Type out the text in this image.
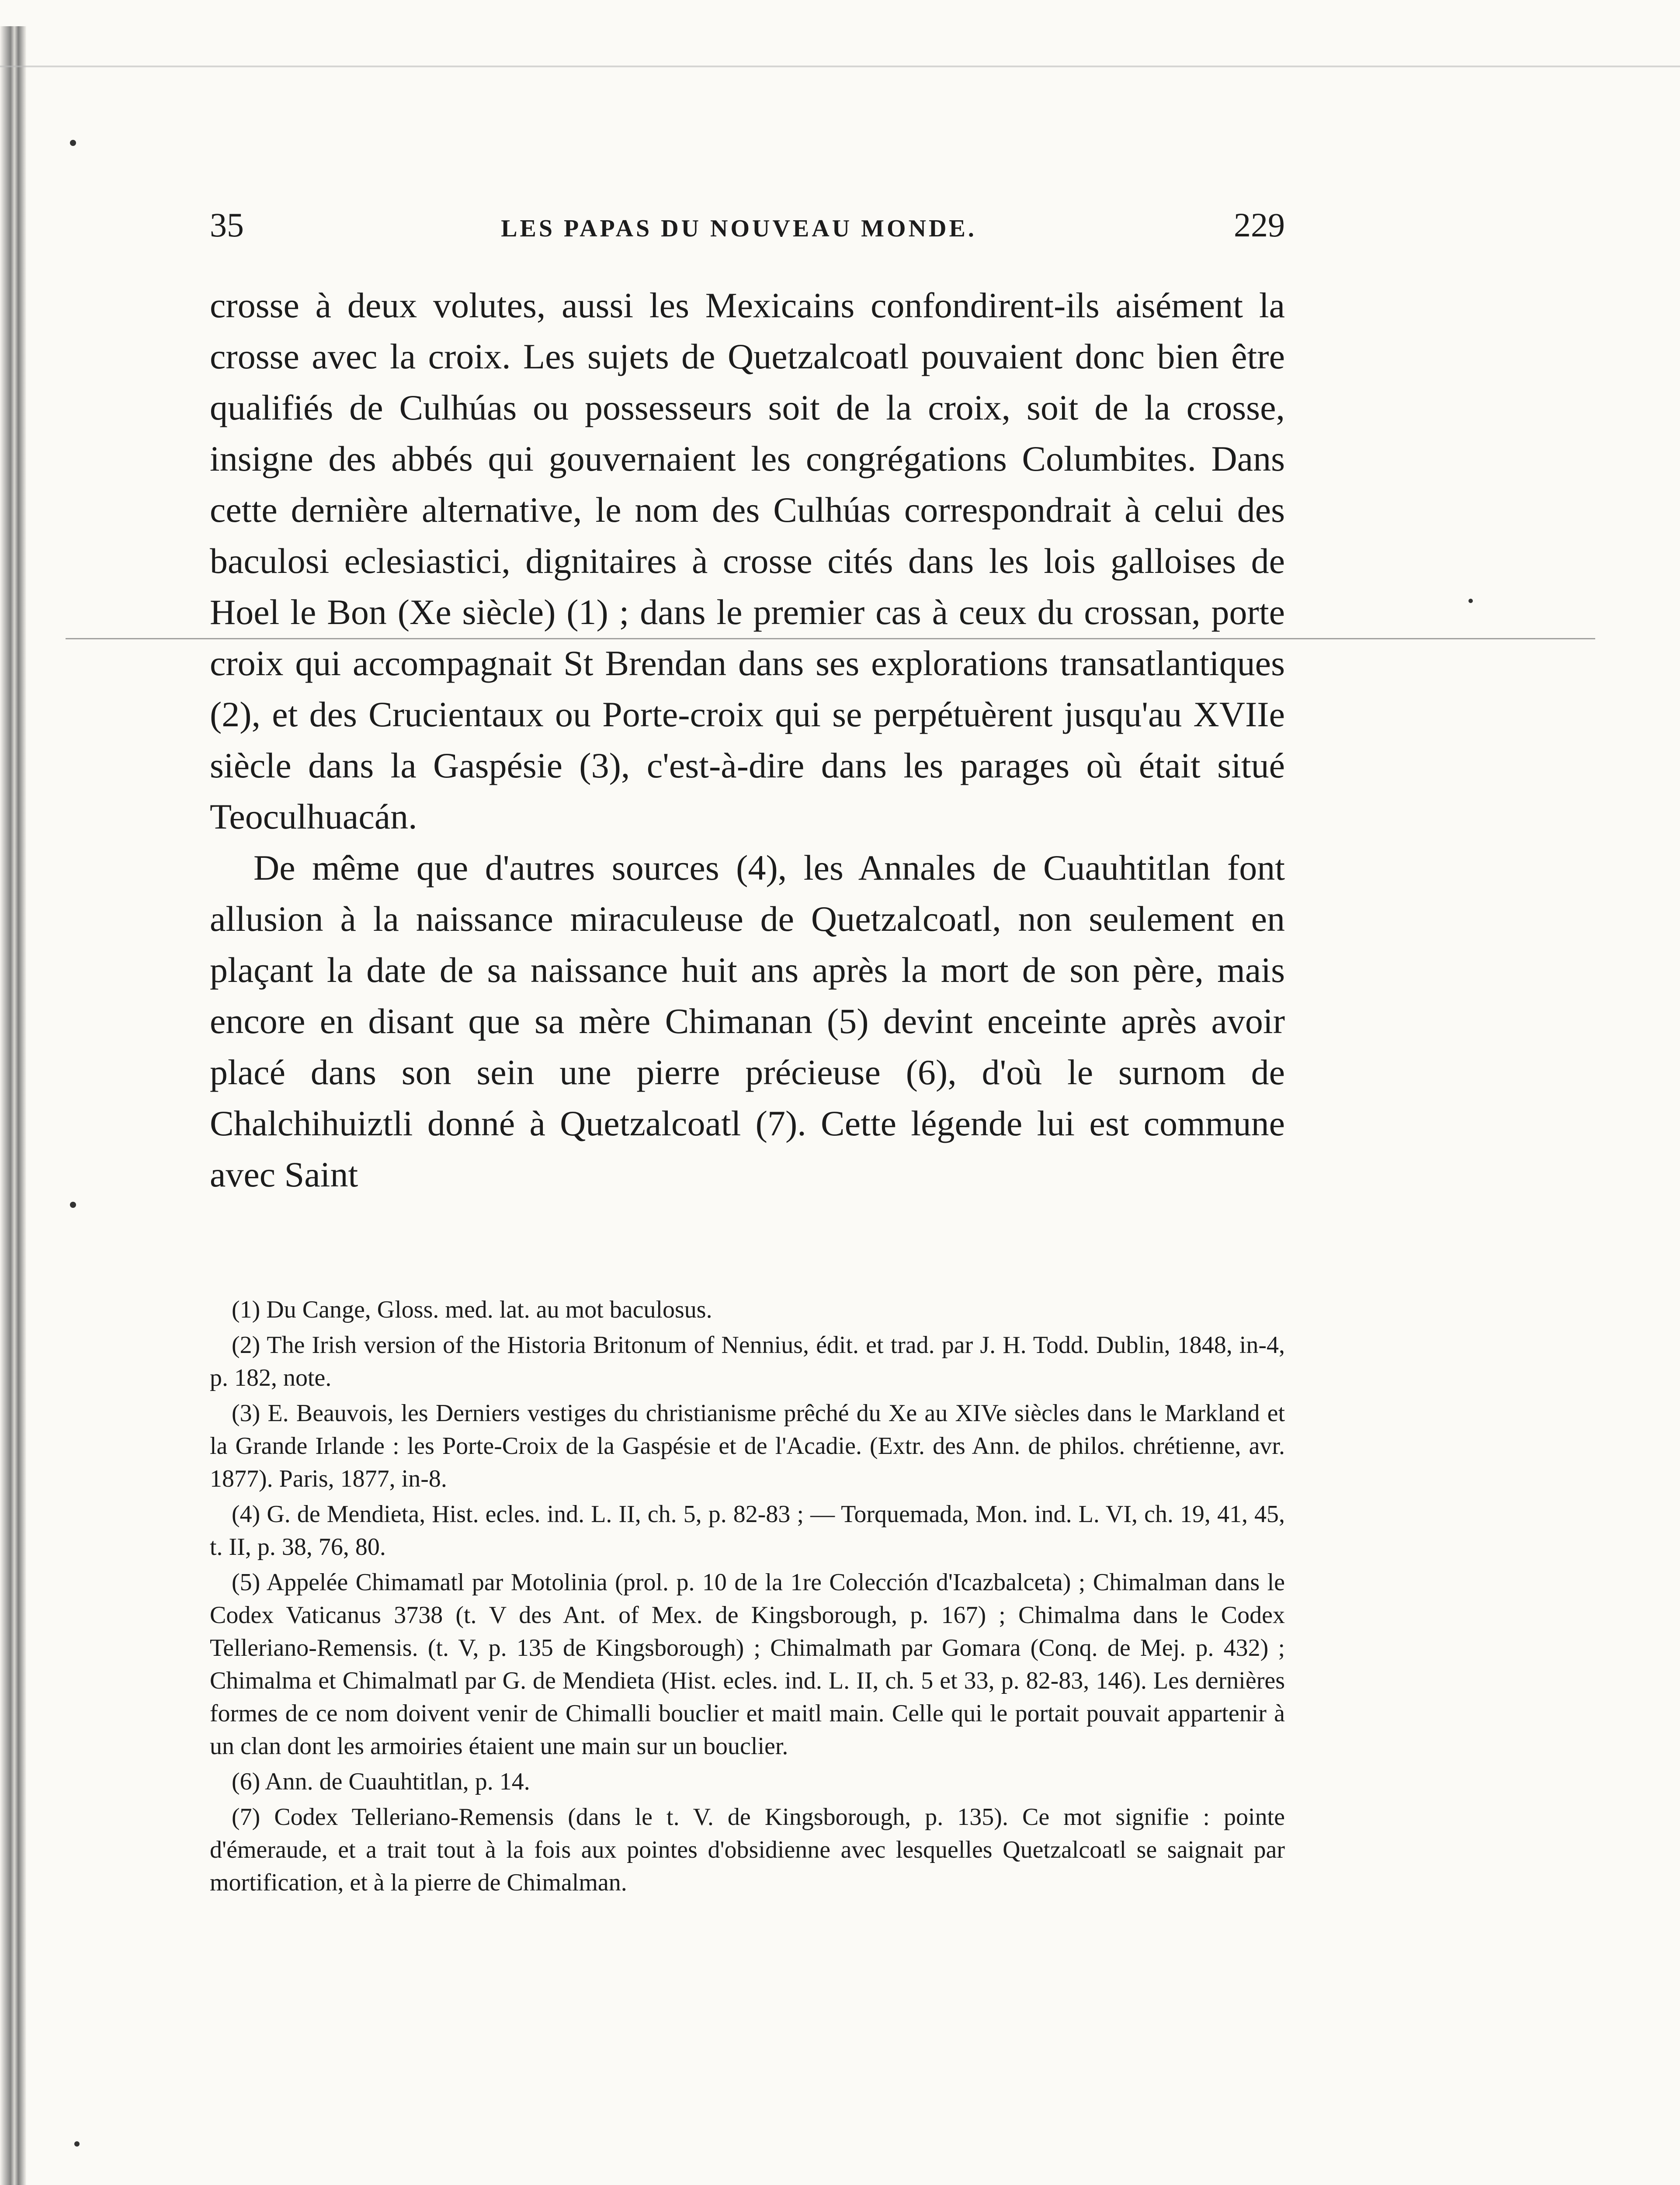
35	LES PAPAS DU NOUVEAU MONDE.	229

crosse à deux volutes, aussi les Mexicains confondirent-ils aisément la crosse avec la croix. Les sujets de Quetzalcoatl pouvaient donc bien être qualifiés de Culhúas ou possesseurs soit de la croix, soit de la crosse, insigne des abbés qui gouvernaient les congrégations Columbites. Dans cette dernière alternative, le nom des Culhúas correspondrait à celui des baculosi eclesiastici, dignitaires à crosse cités dans les lois galloises de Hoel le Bon (Xe siècle) (1) ; dans le premier cas à ceux du crossan, porte croix qui accompagnait St Brendan dans ses explorations transatlantiques (2), et des Crucientaux ou Porte-croix qui se perpétuèrent jusqu'au XVIIe siècle dans la Gaspésie (3), c'est-à-dire dans les parages où était situé Teoculhuacán.

De même que d'autres sources (4), les Annales de Cuauhtitlan font allusion à la naissance miraculeuse de Quetzalcoatl, non seulement en plaçant la date de sa naissance huit ans après la mort de son père, mais encore en disant que sa mère Chimanan (5) devint enceinte après avoir placé dans son sein une pierre précieuse (6), d'où le surnom de Chalchihuiztli donné à Quetzalcoatl (7). Cette légende lui est commune avec Saint

(1) Du Cange, Gloss. med. lat. au mot baculosus.

(2) The Irish version of the Historia Britonum of Nennius, édit. et trad. par J. H. Todd. Dublin, 1848, in-4, p. 182, note.

(3) E. Beauvois, les Derniers vestiges du christianisme prêché du Xe au XIVe siècles dans le Markland et la Grande Irlande : les Porte-Croix de la Gaspésie et de l'Acadie. (Extr. des Ann. de philos. chrétienne, avr. 1877). Paris, 1877, in-8.

(4) G. de Mendieta, Hist. ecles. ind. L. II, ch. 5, p. 82-83 ; — Torquemada, Mon. ind. L. VI, ch. 19, 41, 45, t. II, p. 38, 76, 80.

(5) Appelée Chimamatl par Motolinia (prol. p. 10 de la 1re Colección d'Icazbalceta) ; Chimalman dans le Codex Vaticanus 3738 (t. V des Ant. of Mex. de Kingsborough, p. 167) ; Chimalma dans le Codex Telleriano-Remensis. (t. V, p. 135 de Kingsborough) ; Chimalmath par Gomara (Conq. de Mej. p. 432) ; Chimalma et Chimalmatl par G. de Mendieta (Hist. ecles. ind. L. II, ch. 5 et 33, p. 82-83, 146). Les dernières formes de ce nom doivent venir de Chimalli bouclier et maitl main. Celle qui le portait pouvait appartenir à un clan dont les armoiries étaient une main sur un bouclier.

(6) Ann. de Cuauhtitlan, p. 14.

(7) Codex Telleriano-Remensis (dans le t. V. de Kingsborough, p. 135). Ce mot signifie : pointe d'émeraude, et a trait tout à la fois aux pointes d'obsidienne avec lesquelles Quetzalcoatl se saignait par mortification, et à la pierre de Chimalman.
